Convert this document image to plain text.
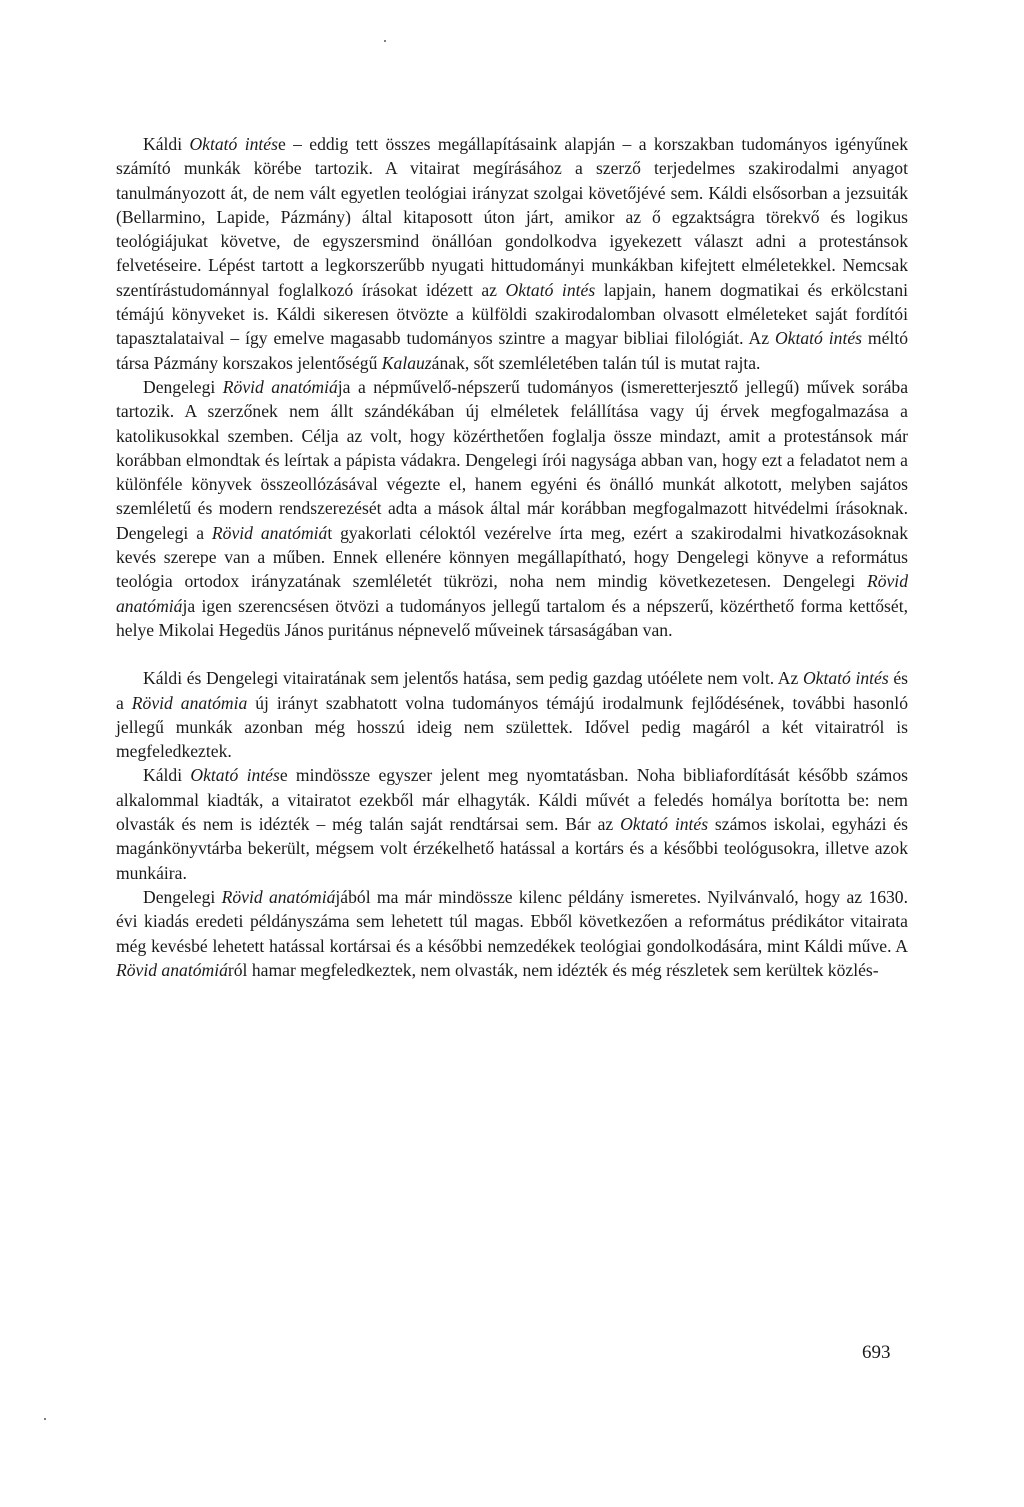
Káldi Oktató intése – eddig tett összes megállapításaink alapján – a korszakban tudományos igényűnek számító munkák körébe tartozik. A vitairat megírásához a szerző terjedelmes szakirodalmi anyagot tanulmányozott át, de nem vált egyetlen teológiai irányzat szolgai követőjévé sem. Káldi elsősorban a jezsuiták (Bellarmino, Lapide, Pázmány) által kitaposott úton járt, amikor az ő egzaktságra törekvő és logikus teológiájukat követve, de egyszersmind önállóan gondolkodva igyekezett választ adni a protestánsok felvetéseire. Lépést tartott a legkorszerűbb nyugati hittudományi munkákban kifejtett elméletekkel. Nemcsak szentírástudománnyal foglalkozó írásokat idézett az Oktató intés lapjain, hanem dogmatikai és erkölcstani témájú könyveket is. Káldi sikeresen ötvözte a külföldi szakirodalomban olvasott elméleteket saját fordítói tapasztalataival – így emelve magasabb tudományos szintre a magyar bibliai filológiát. Az Oktató intés méltó társa Pázmány korszakos jelentőségű Kalauzának, sőt szemléletében talán túl is mutat rajta.

Dengelegi Rövid anatómiája a népművelő-népszerű tudományos (ismeretterjesztő jellegű) művek sorába tartozik. A szerzőnek nem állt szándékában új elméletek felállítása vagy új érvek megfogalmazása a katolikusokkal szemben. Célja az volt, hogy közérthetően foglalja össze mindazt, amit a protestánsok már korábban elmondtak és leírtak a pápista vádakra. Dengelegi írói nagysága abban van, hogy ezt a feladatot nem a különféle könyvek összeollózásával végezte el, hanem egyéni és önálló munkát alkotott, melyben sajátos szemléletű és modern rendszerezését adta a mások által már korábban megfogalmazott hitvédelmi írásoknak. Dengelegi a Rövid anatómiát gyakorlati céloktól vezérelve írta meg, ezért a szakirodalmi hivatkozásoknak kevés szerepe van a műben. Ennek ellenére könnyen megállapítható, hogy Dengelegi könyve a református teológia ortodox irányzatának szemléletét tükrözi, noha nem mindig következetesen. Dengelegi Rövid anatómiája igen szerencsésen ötvözi a tudományos jellegű tartalom és a népszerű, közérthető forma kettősét, helye Mikolai Hegedüs János puritánus népnevelő műveinek társaságában van.

Káldi és Dengelegi vitairatának sem jelentős hatása, sem pedig gazdag utóélete nem volt. Az Oktató intés és a Rövid anatómia új irányt szabhatott volna tudományos témájú irodalmunk fejlődésének, további hasonló jellegű munkák azonban még hosszú ideig nem születtek. Idővel pedig magáról a két vitairatról is megfeledkeztek.

Káldi Oktató intése mindössze egyszer jelent meg nyomtatásban. Noha bibliafordítását később számos alkalommal kiadták, a vitairatot ezekből már elhagyták. Káldi művét a feledés homálya borította be: nem olvasták és nem is idézték – még talán saját rendtársai sem. Bár az Oktató intés számos iskolai, egyházi és magánkönyvtárba bekerült, mégsem volt érzékelhető hatással a kortárs és a későbbi teológusokra, illetve azok munkáira.

Dengelegi Rövid anatómiájából ma már mindössze kilenc példány ismeretes. Nyilvánvaló, hogy az 1630. évi kiadás eredeti példányszáma sem lehetett túl magas. Ebből következően a református prédikátor vitairata még kevésbé lehetett hatással kortársai és a későbbi nemzedékek teológiai gondolkodására, mint Káldi műve. A Rövid anatómiáról hamar megfeledkeztek, nem olvasták, nem idézték és még részletek sem kerültek közlés-

693
